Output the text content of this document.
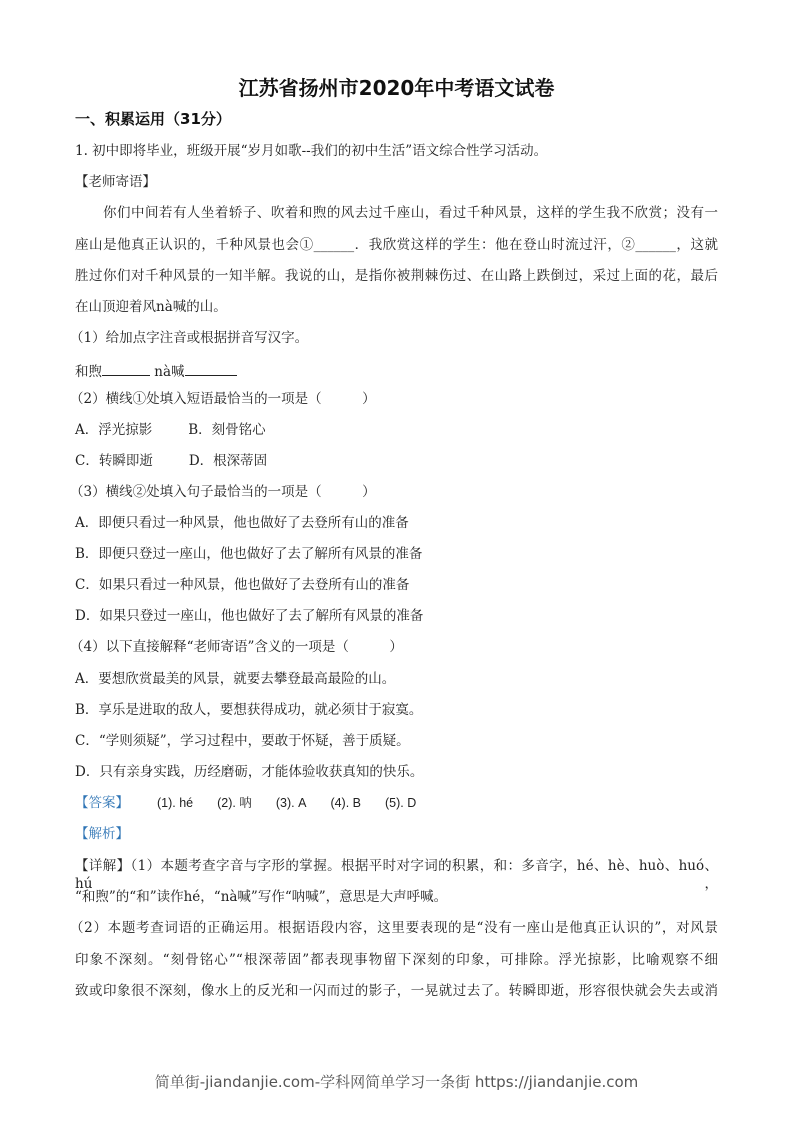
江苏省扬州市2020年中考语文试卷
一、积累运用（31分）
1. 初中即将毕业，班级开展“岁月如歌--我们的初中生活”语文综合性学习活动。
【老师寄语】
你们中间若有人坐着轿子、吹着和煦的风去过千座山，看过千种风景，这样的学生我不欣赏；没有一
座山是他真正认识的，千种风景也会①______．我欣赏这样的学生：他在登山时流过汗，②______，这就
胜过你们对千种风景的一知半解。我说的山，是指你被荆棘伤过、在山路上跌倒过，采过上面的花，最后
在山顶迎着风nà喊的山。
（1）给加点字注音或根据拼音写汉字。
和煦	nà喊
（2）横线①处填入短语最恰当的一项是（　　　）
A．浮光掠影	B．刻骨铭心
C．转瞬即逝	D．根深蒂固
（3）横线②处填入句子最恰当的一项是（　　　）
A．即便只看过一种风景，他也做好了去登所有山的准备
B．即便只登过一座山，他也做好了去了解所有风景的准备
C．如果只看过一种风景，他也做好了去登所有山的准备
D．如果只登过一座山，他也做好了去了解所有风景的准备
（4）以下直接解释“老师寄语”含义的一项是（　　　）
A．要想欣赏最美的风景，就要去攀登最高最险的山。
B．享乐是进取的敌人，要想获得成功，就必须甘于寂寞。
C．“学则须疑”，学习过程中，要敢于怀疑，善于质疑。
D．只有亲身实践，历经磨砺，才能体验收获真知的快乐。
【答案】 (1). hé (2). 呐 (3). A (4). B (5). D
【解析】
【详解】（1）本题考查字音与字形的掌握。根据平时对字词的积累，和：多音字，hé、hè、huò、huó、hú，
“和煦”的“和”读作hé，“nà喊”写作“呐喊”，意思是大声呼喊。
（2）本题考查词语的正确运用。根据语段内容，这里要表现的是“没有一座山是他真正认识的”，对风景
印象不深刻。“刻骨铭心”“根深蒂固”都表现事物留下深刻的印象，可排除。浮光掠影，比喻观察不细
致或印象很不深刻，像水上的反光和一闪而过的影子，一晃就过去了。转瞬即逝，形容很快就会失去或消
简单街-jiandanjie.com-学科网简单学习一条街 https://jiandanjie.com
